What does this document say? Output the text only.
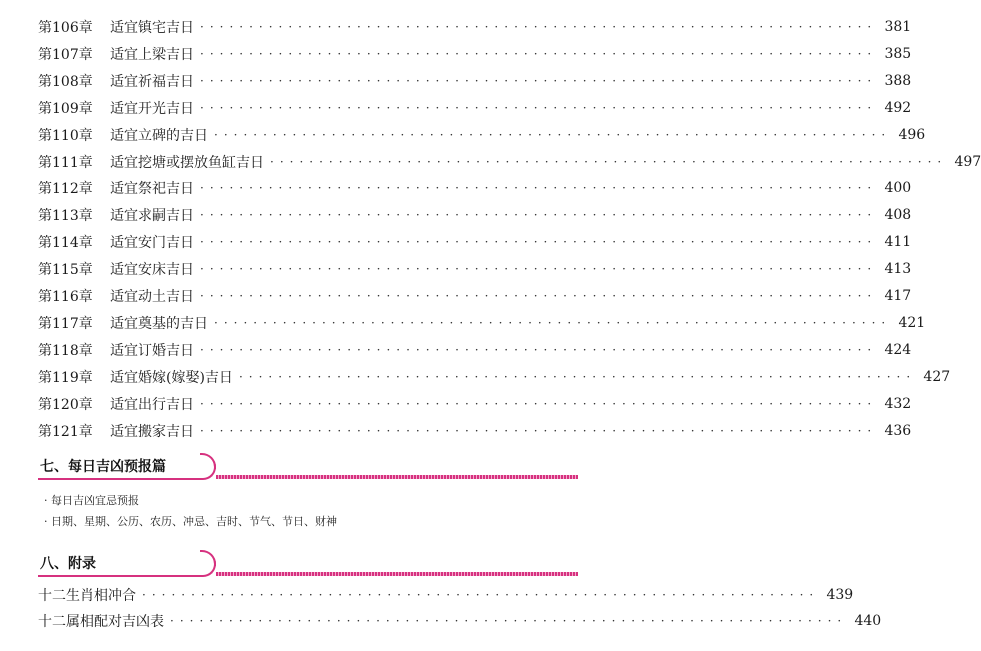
第106章	适宜镇宅吉日 ····································································· 381
第107章	适宜上梁吉日 ····································································· 385
第108章	适宜祈福吉日 ····································································· 388
第109章	适宜开光吉日 ····································································· 492
第110章	适宜立碑的吉日 ····································································· 496
第111章	适宜挖塘或摆放鱼缸吉日 ····································································· 497
第112章	适宜祭祀吉日 ····································································· 400
第113章	适宜求嗣吉日 ····································································· 408
第114章	适宜安门吉日 ····································································· 411
第115章	适宜安床吉日 ····································································· 413
第116章	适宜动土吉日 ····································································· 417
第117章	适宜奠基的吉日 ····································································· 421
第118章	适宜订婚吉日 ····································································· 424
第119章	适宜婚嫁(嫁娶)吉日 ····································································· 427
第120章	适宜出行吉日 ····································································· 432
第121章	适宜搬家吉日 ····································································· 436
七、每日吉凶预报篇
· 每日吉凶宜忌预报
· 日期、星期、公历、农历、冲忌、吉时、节气、节日、财神
八、附录
十二生肖相冲合 ····································································· 439
十二属相配对吉凶表 ····································································· 440
